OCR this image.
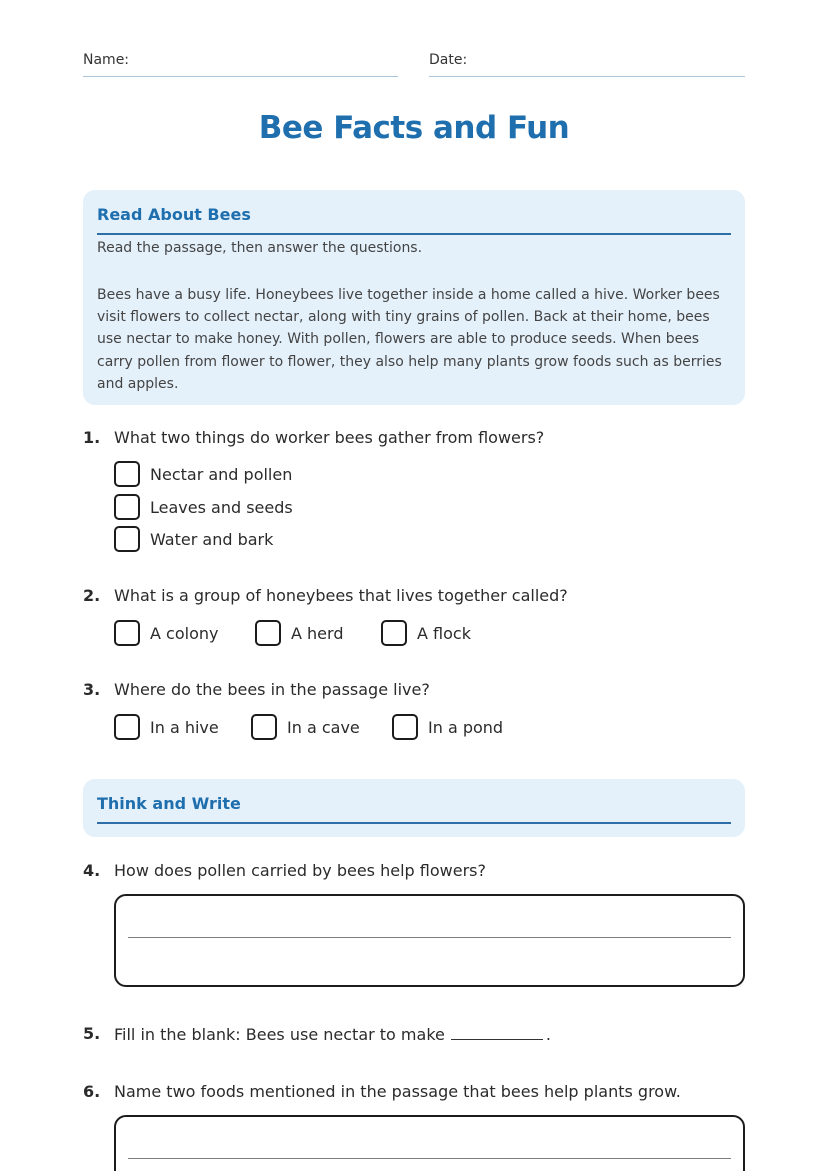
Name:	Date:
Bee Facts and Fun
Read About Bees
Read the passage, then answer the questions.
Bees have a busy life. Honeybees live together inside a home called a hive. Worker bees visit flowers to collect nectar, along with tiny grains of pollen. Back at their home, bees use nectar to make honey. With pollen, flowers are able to produce seeds. When bees carry pollen from flower to flower, they also help many plants grow foods such as berries and apples.
1. What two things do worker bees gather from flowers?
Nectar and pollen
Leaves and seeds
Water and bark
2. What is a group of honeybees that lives together called?
A colony	A herd	A flock
3. Where do the bees in the passage live?
In a hive	In a cave	In a pond
Think and Write
4. How does pollen carried by bees help flowers?
5. Fill in the blank: Bees use nectar to make	.
6. Name two foods mentioned in the passage that bees help plants grow.
